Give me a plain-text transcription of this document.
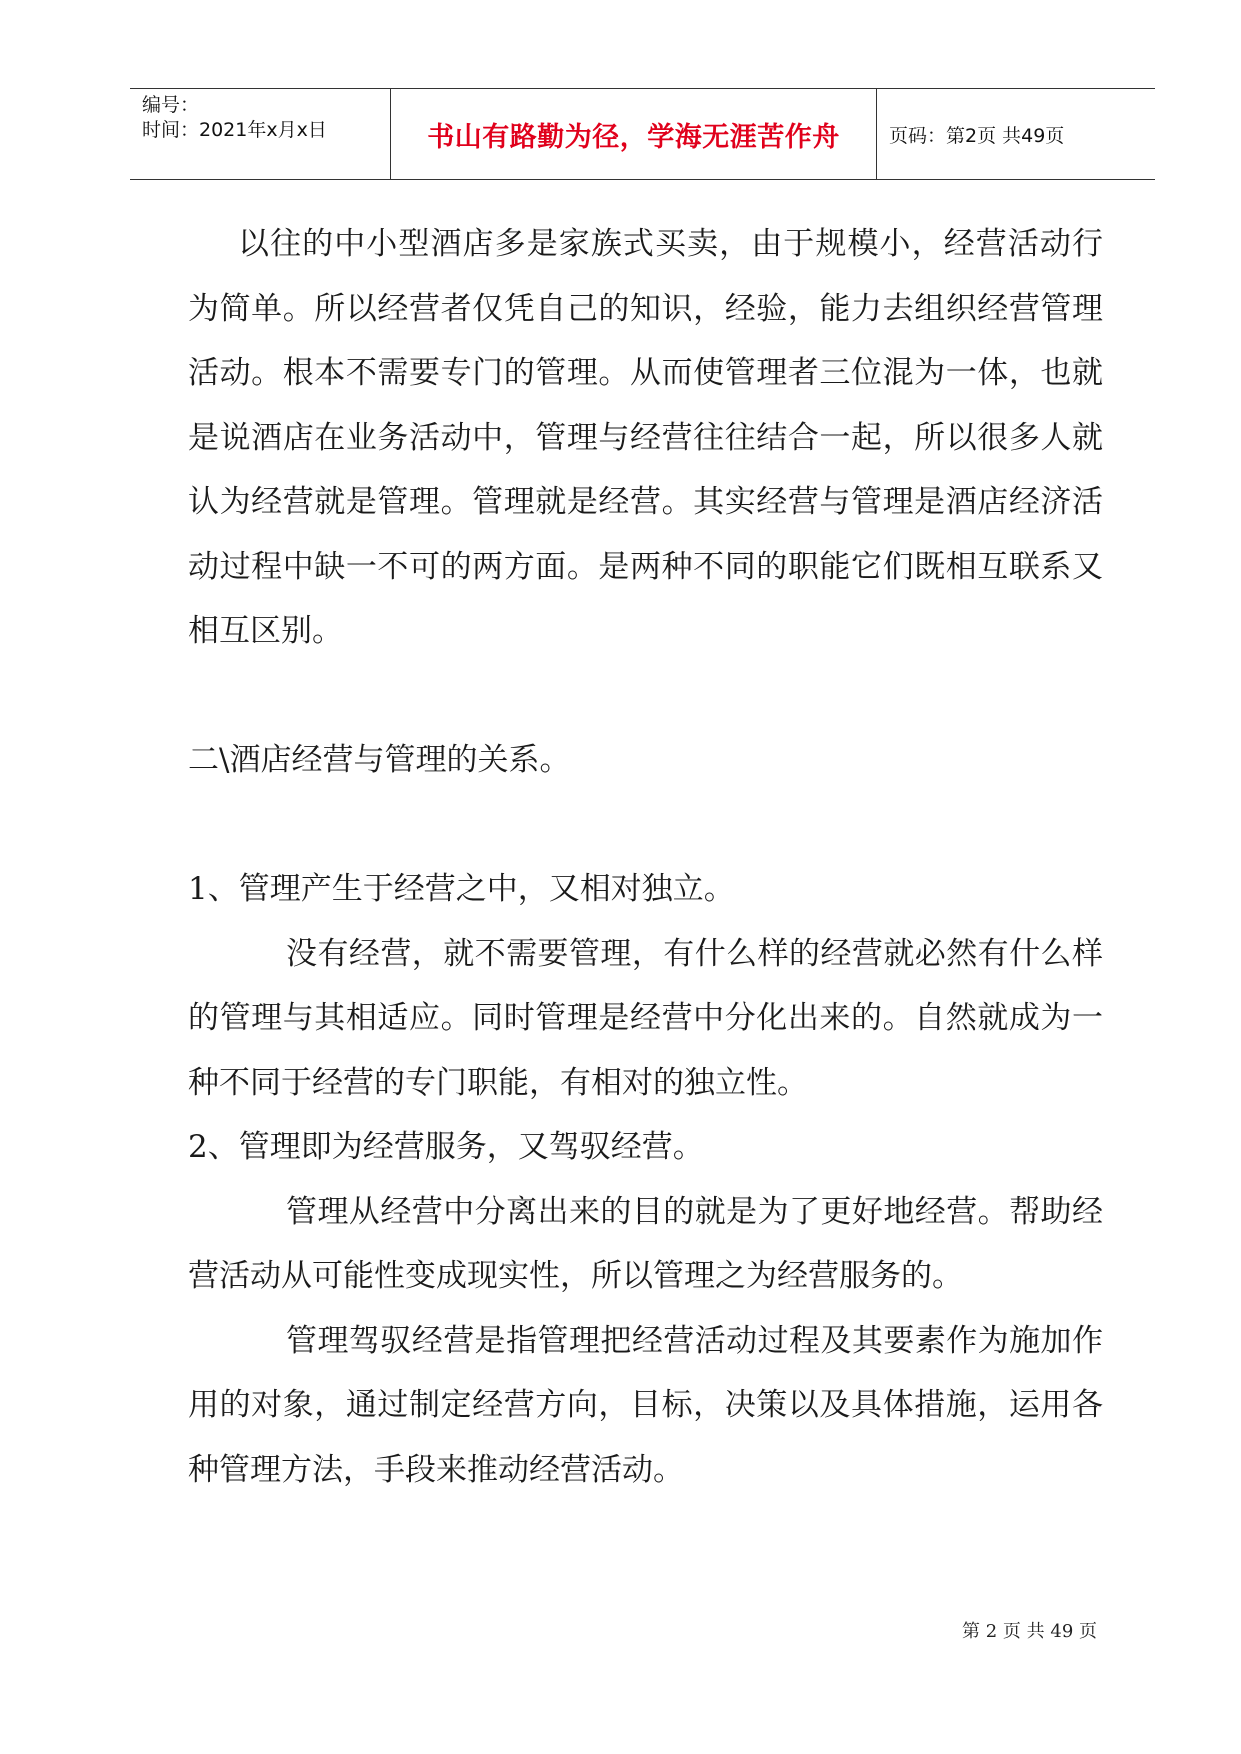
编号：
时间：2021年x月x日	书山有路勤为径，学海无涯苦作舟	页码：第2页 共49页

以往的中小型酒店多是家族式买卖，由于规模小，经营活动行为简单。所以经营者仅凭自己的知识，经验，能力去组织经营管理活动。根本不需要专门的管理。从而使管理者三位混为一体，也就是说酒店在业务活动中，管理与经营往往结合一起，所以很多人就认为经营就是管理。管理就是经营。其实经营与管理是酒店经济活动过程中缺一不可的两方面。是两种不同的职能它们既相互联系又相互区别。

二\酒店经营与管理的关系。

1、管理产生于经营之中，又相对独立。

没有经营，就不需要管理，有什么样的经营就必然有什么样的管理与其相适应。同时管理是经营中分化出来的。自然就成为一种不同于经营的专门职能，有相对的独立性。

2、管理即为经营服务，又驾驭经营。

管理从经营中分离出来的目的就是为了更好地经营。帮助经营活动从可能性变成现实性，所以管理之为经营服务的。

管理驾驭经营是指管理把经营活动过程及其要素作为施加作用的对象，通过制定经营方向，目标，决策以及具体措施，运用各种管理方法，手段来推动经营活动。

第 2 页 共 49 页
